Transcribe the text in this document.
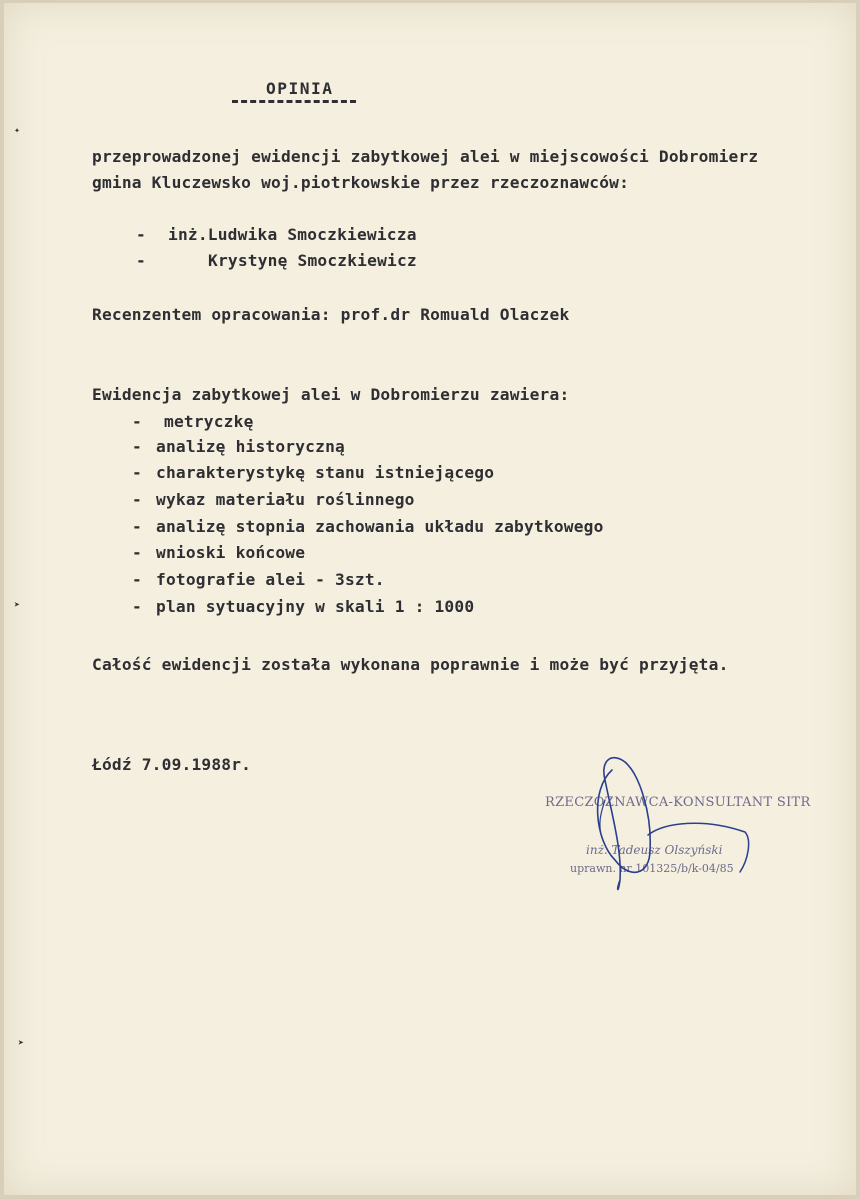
✦
➤
➤
OPINIA
przeprowadzonej ewidencji zabytkowej alei w miejscowości Dobromierz
gmina Kluczewsko woj.piotrkowskie przez rzeczoznawców:
- inż.Ludwika Smoczkiewicza
-	Krystynę Smoczkiewicz
Recenzentem opracowania: prof.dr Romuald Olaczek
Ewidencja zabytkowej alei w Dobromierzu zawiera:
- metryczkę
- analizę historyczną
- charakterystykę stanu istniejącego
- wykaz materiału roślinnego
- analizę stopnia zachowania układu zabytkowego
- wnioski końcowe
- fotografie alei - 3szt.
- plan sytuacyjny w skali 1 : 1000
Całość ewidencji została wykonana poprawnie i może być przyjęta.
Łódź 7.09.1988r.
RZECZOZNAWCA-KONSULTANT SITR
inż. Tadeusz Olszyński
uprawn. nr 101325/b/k-04/85
